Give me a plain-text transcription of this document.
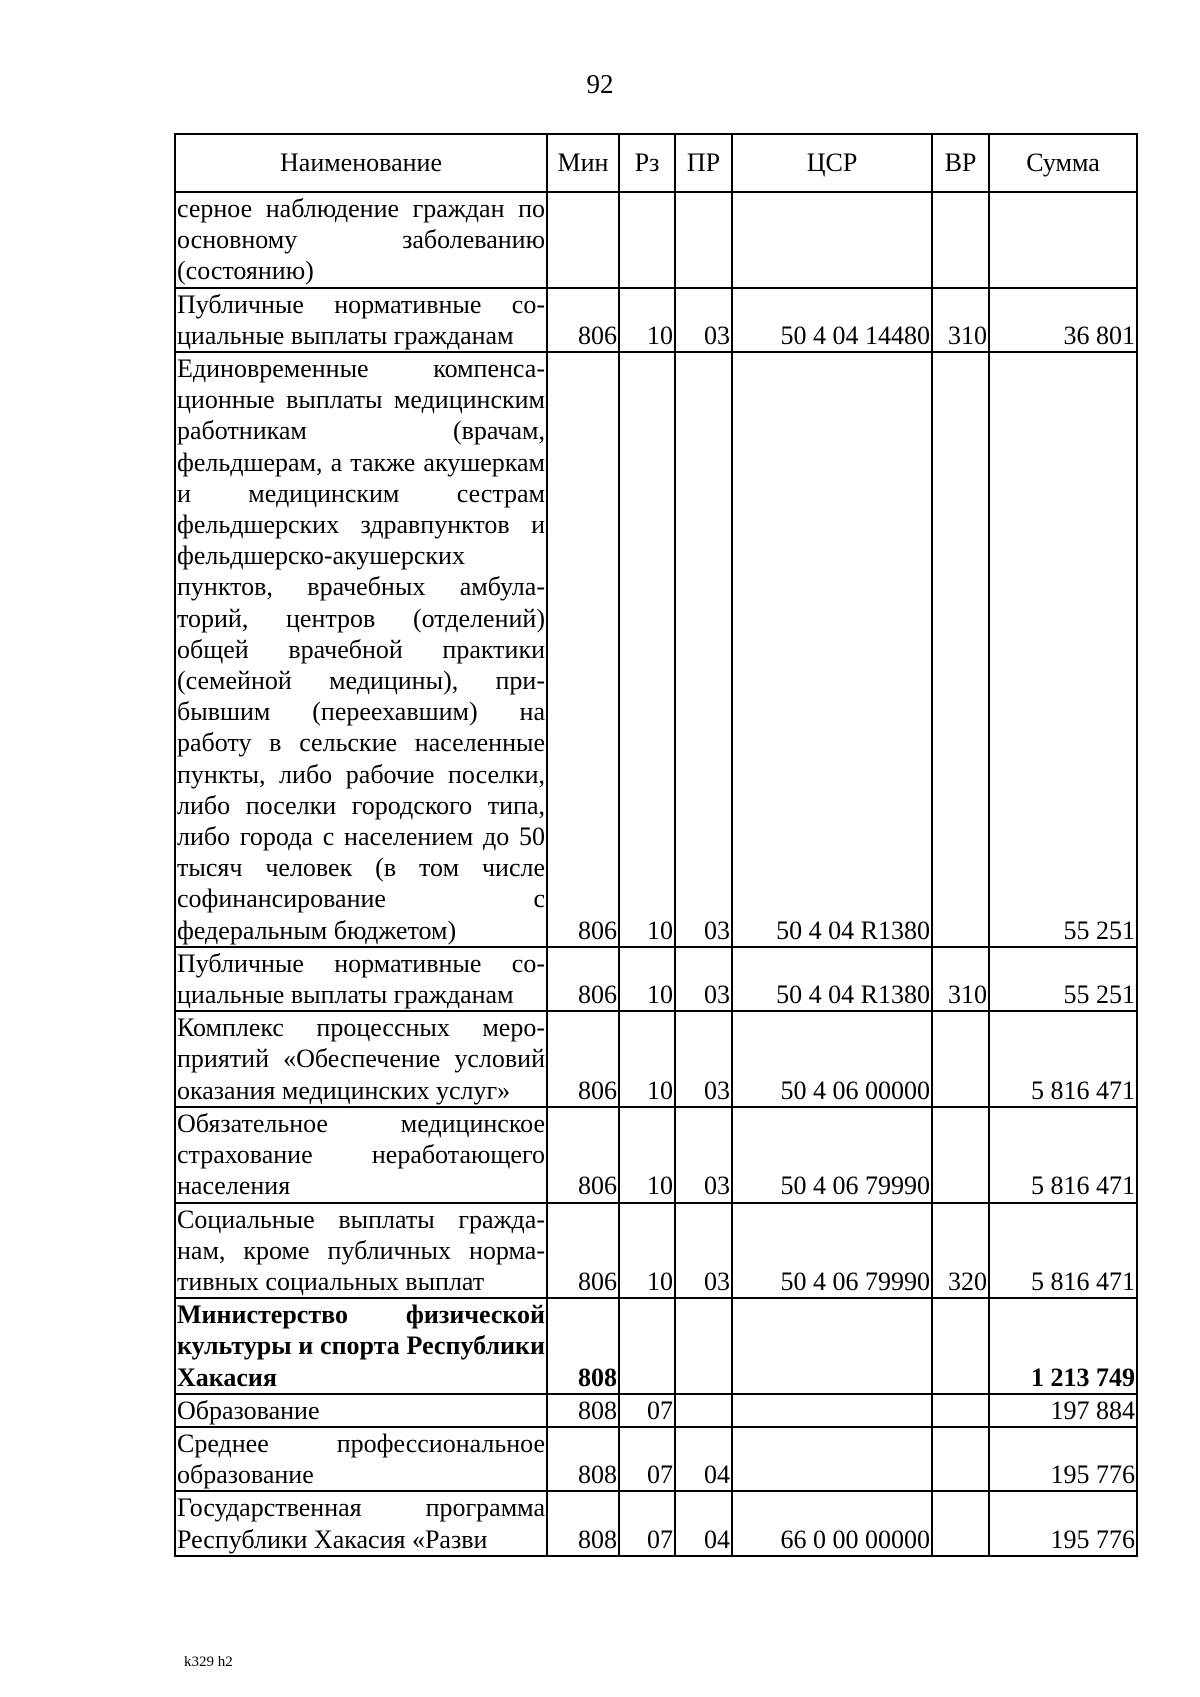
92
Наименование	Мин	Рз	ПР	ЦСР	ВР	Сумма
серное наблюдение граждан по основному заболеванию (состоянию)						
Публичные нормативные социальные выплаты гражданам	806	10	03	50 4 04 14480	310	36 801
Единовременные компенсационные выплаты медицинским работникам (врачам, фельдшерам, а также акушеркам и медицинским сестрам фельдшерских здравпунктов и фельдшерско-акушерских пунктов, врачебных амбулаторий, центров (отделений) общей врачебной практики (семейной медицины), прибывшим (переехавшим) на работу в сельские населенные пункты, либо рабочие поселки, либо поселки городского типа, либо города с населением до 50 тысяч человек (в том числе софинансирование с федеральным бюджетом)	806	10	03	50 4 04 R1380		55 251
Публичные нормативные социальные выплаты гражданам	806	10	03	50 4 04 R1380	310	55 251
Комплекс процессных мероприятий «Обеспечение условий оказания медицинских услуг»	806	10	03	50 4 06 00000		5 816 471
Обязательное медицинское страхование неработающего населения	806	10	03	50 4 06 79990		5 816 471
Социальные выплаты гражданам, кроме публичных нормативных социальных выплат	806	10	03	50 4 06 79990	320	5 816 471
Министерство физической культуры и спорта Республики Хакасия	808					1 213 749
Образование	808	07				197 884
Среднее профессиональное образование	808	07	04			195 776
Государственная программа Республики Хакасия «Разви	808	07	04	66 0 00 00000		195 776
k329 h2
